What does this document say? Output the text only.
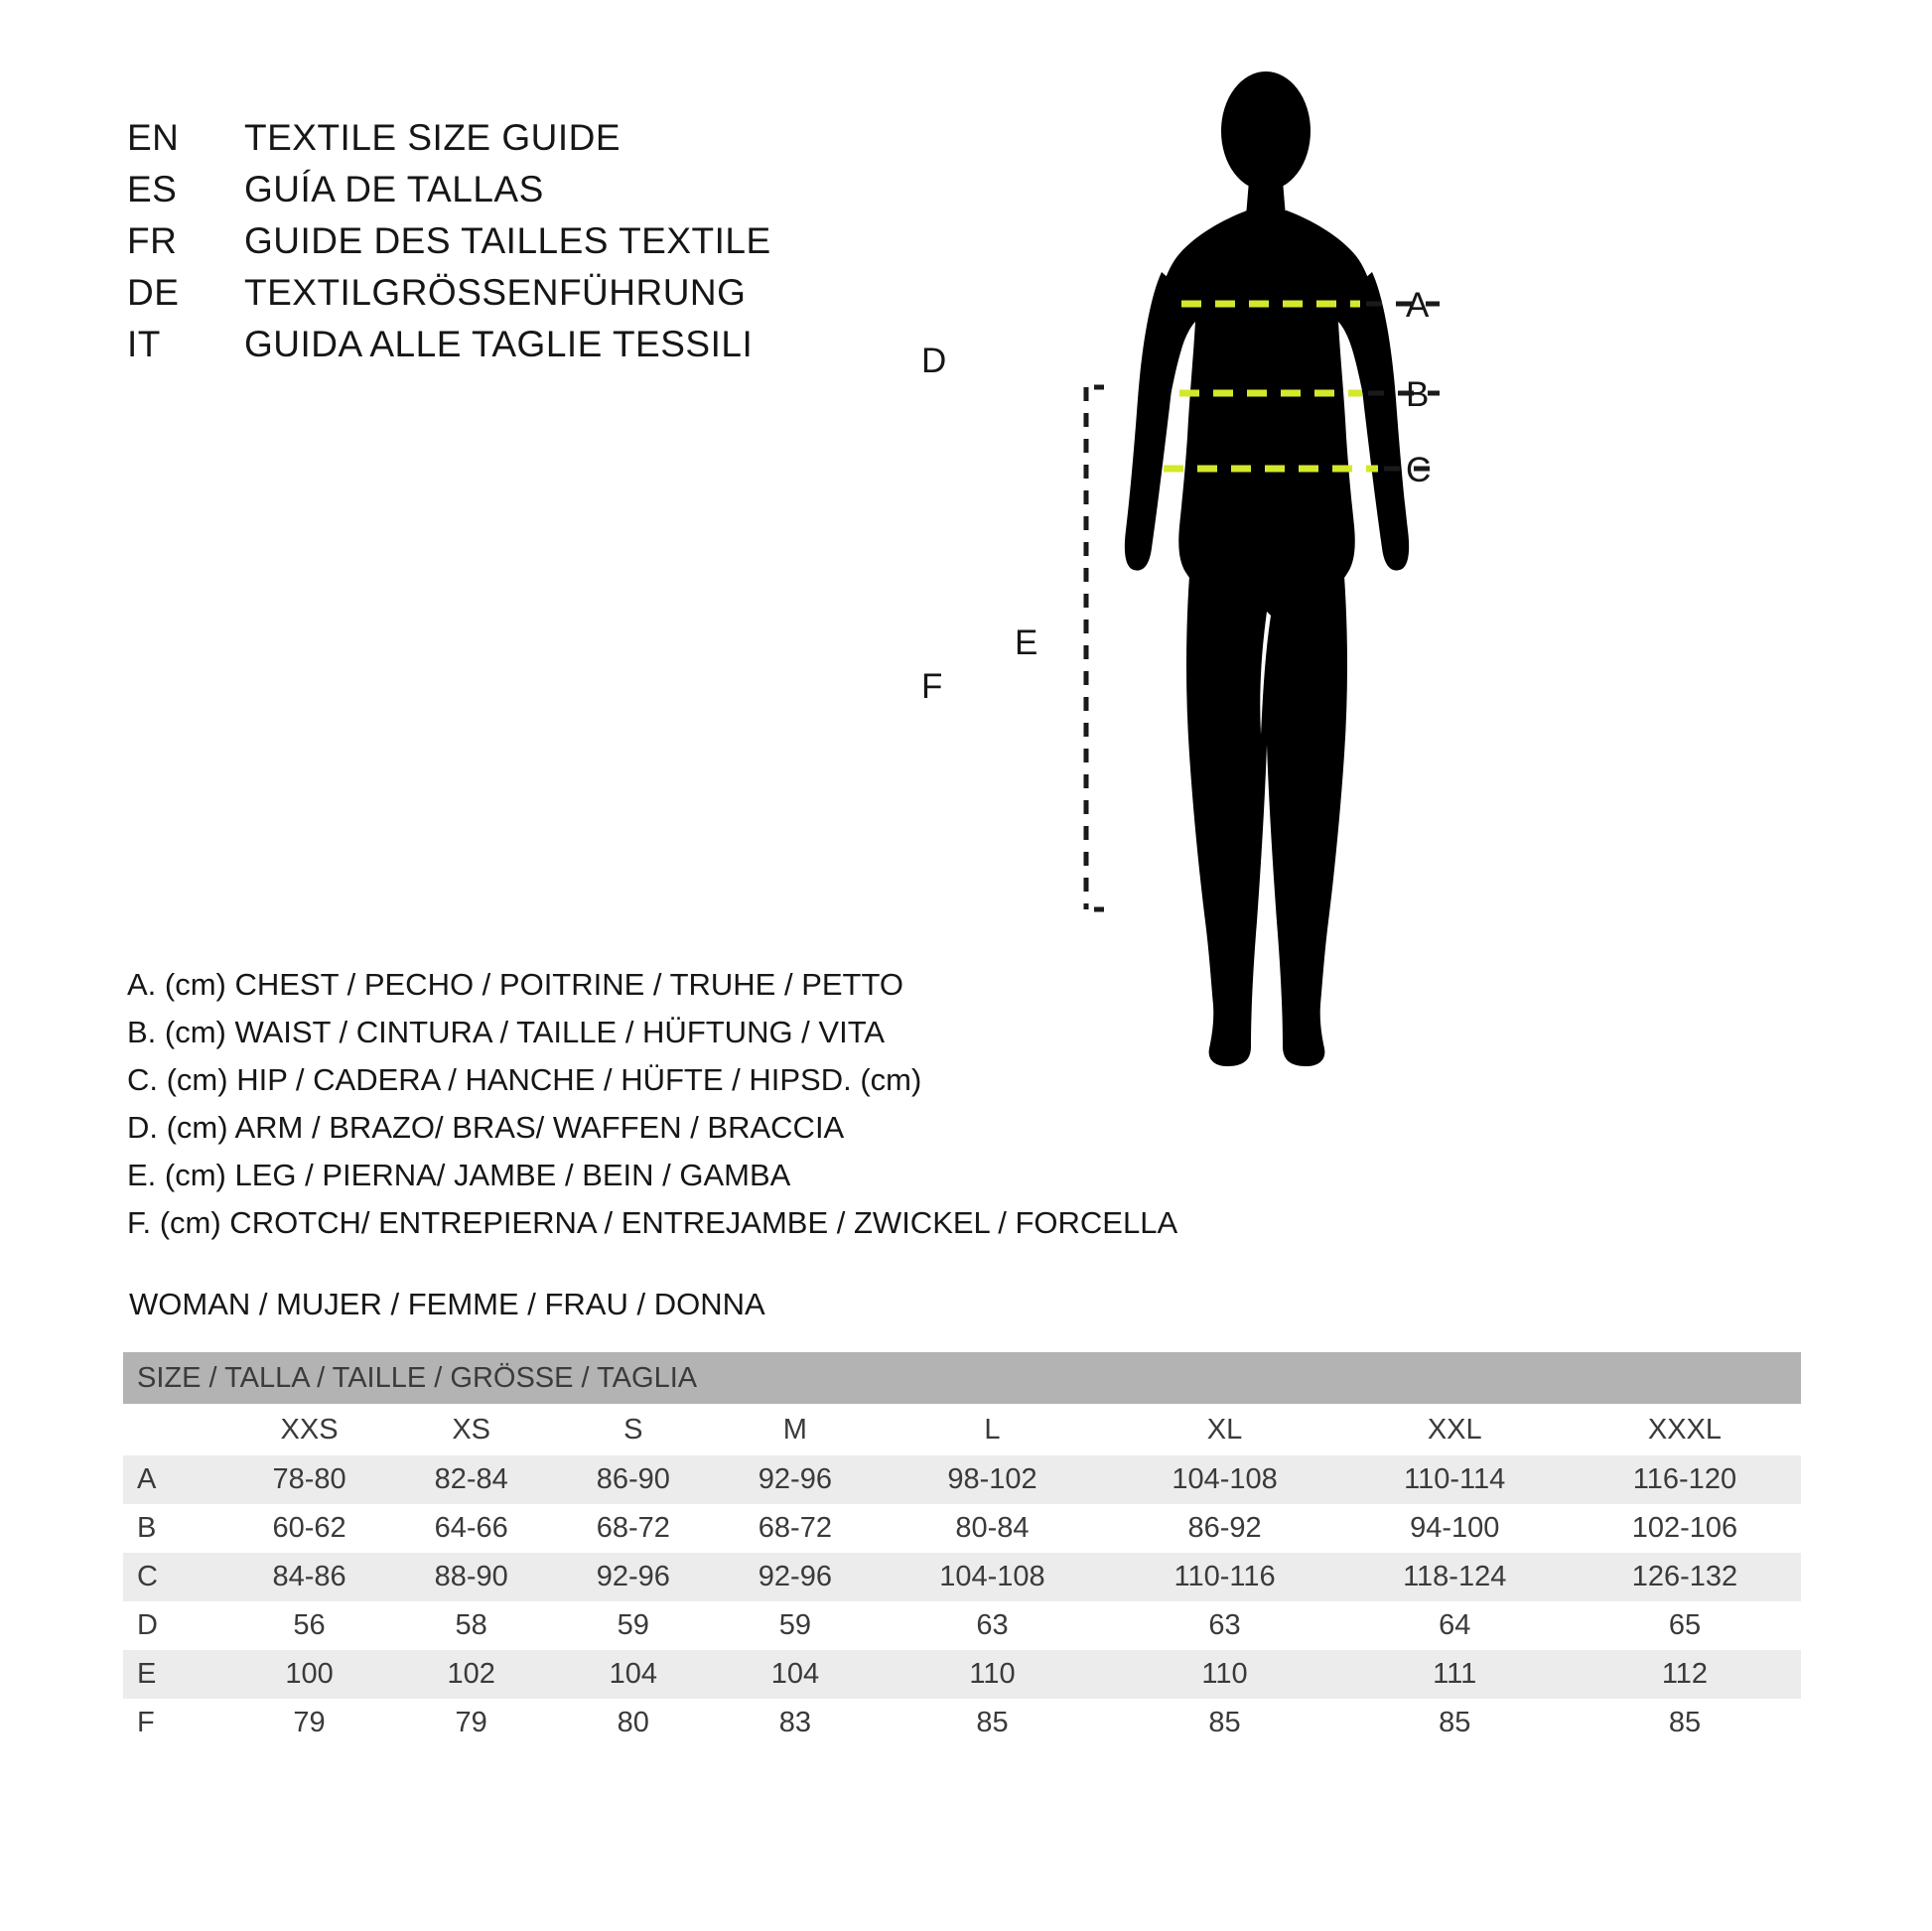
EN	TEXTILE SIZE GUIDE
ES	GUÍA DE TALLAS
FR	GUIDE DES TAILLES TEXTILE
DE	TEXTILGRÖSSENFÜHRUNG
IT	GUIDA ALLE TAGLIE TESSILI
A. (cm) CHEST / PECHO / POITRINE / TRUHE / PETTO
B. (cm) WAIST / CINTURA / TAILLE / HÜFTUNG / VITA
C. (cm) HIP / CADERA / HANCHE / HÜFTE / HIPSD. (cm)
D. (cm) ARM / BRAZO/ BRAS/ WAFFEN / BRACCIA
E. (cm) LEG / PIERNA/ JAMBE / BEIN / GAMBA
F. (cm) CROTCH/ ENTREPIERNA / ENTREJAMBE / ZWICKEL / FORCELLA
WOMAN / MUJER / FEMME / FRAU / DONNA
SIZE / TALLA / TAILLE / GRÖSSE / TAGLIA								
	XXS	XS	S	M	L	XL	XXL	XXXL
A	78-80	82-84	86-90	92-96	98-102	104-108	110-114	116-120
B	60-62	64-66	68-72	68-72	80-84	86-92	94-100	102-106
C	84-86	88-90	92-96	92-96	104-108	110-116	118-124	126-132
D	56	58	59	59	63	63	64	65
E	100	102	104	104	110	110	111	112
F	79	79	80	83	85	85	85	85
A
B
C
D
E
F
